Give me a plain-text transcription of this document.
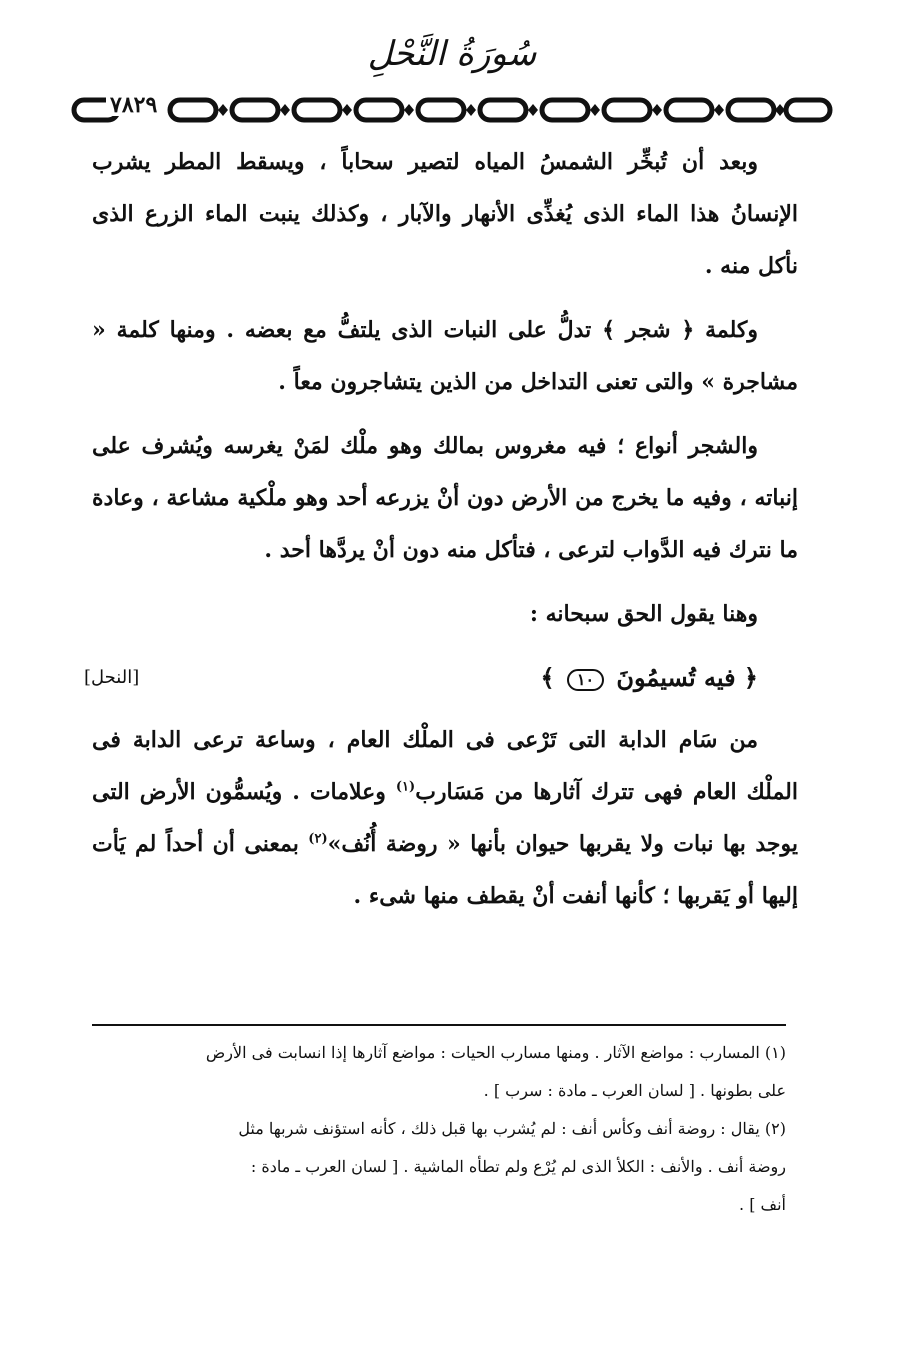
سُورَةُ النَّحْلِ
٧٨٢٩

وبعد أن تُبخِّر الشمسُ المياه لتصير سحاباً ، ويسقط المطر يشرب الإنسانُ هذا الماء الذى يُغذِّى الأنهار والآبار ، وكذلك ينبت الماء الزرع الذى نأكل منه .

وكلمة ﴿ شجر ﴾ تدلُّ على النبات الذى يلتفُّ مع بعضه . ومنها كلمة « مشاجرة » والتى تعنى التداخل من الذين يتشاجرون معاً .

والشجر أنواع ؛ فيه مغروس بمالك وهو ملْك لمَنْ يغرسه ويُشرف على إنباته ، وفيه ما يخرج من الأرض دون أنْ يزرعه أحد وهو ملْكية مشاعة ، وعادة ما نترك فيه الدَّواب لترعى ، فتأكل منه دون أنْ يردَّها أحد .

وهنا يقول الحق سبحانه :

﴿ فيه تُسيمُونَ ١٠ ﴾
[النحل]

من سَام الدابة التى تَرْعى فى الملْك العام ، وساعة ترعى الدابة فى الملْك العام فهى تترك آثارها من مَسَارب$^{(١)}$ وعلامات . ويُسمُّون الأرض التى يوجد بها نبات ولا يقربها حيوان بأنها « روضة أُنُف»$^{(٢)}$ بمعنى أن أحداً لم يَأت إليها أو يَقربها ؛ كأنها أنفت أنْ يقطف منها شىء .

(١) المسارب : مواضع الآثار . ومنها مسارب الحيات : مواضع آثارها إذا انسابت فى الأرض

على بطونها . [ لسان العرب ـ مادة : سرب ] .

(٢) يقال : روضة أنف وكأس أنف : لم يُشرب بها قبل ذلك ، كأنه استؤنف شربها مثل

روضة أنف . والأنف : الكلأ الذى لم يُرْع ولم تطأه الماشية . [ لسان العرب ـ مادة :

أنف ] .
